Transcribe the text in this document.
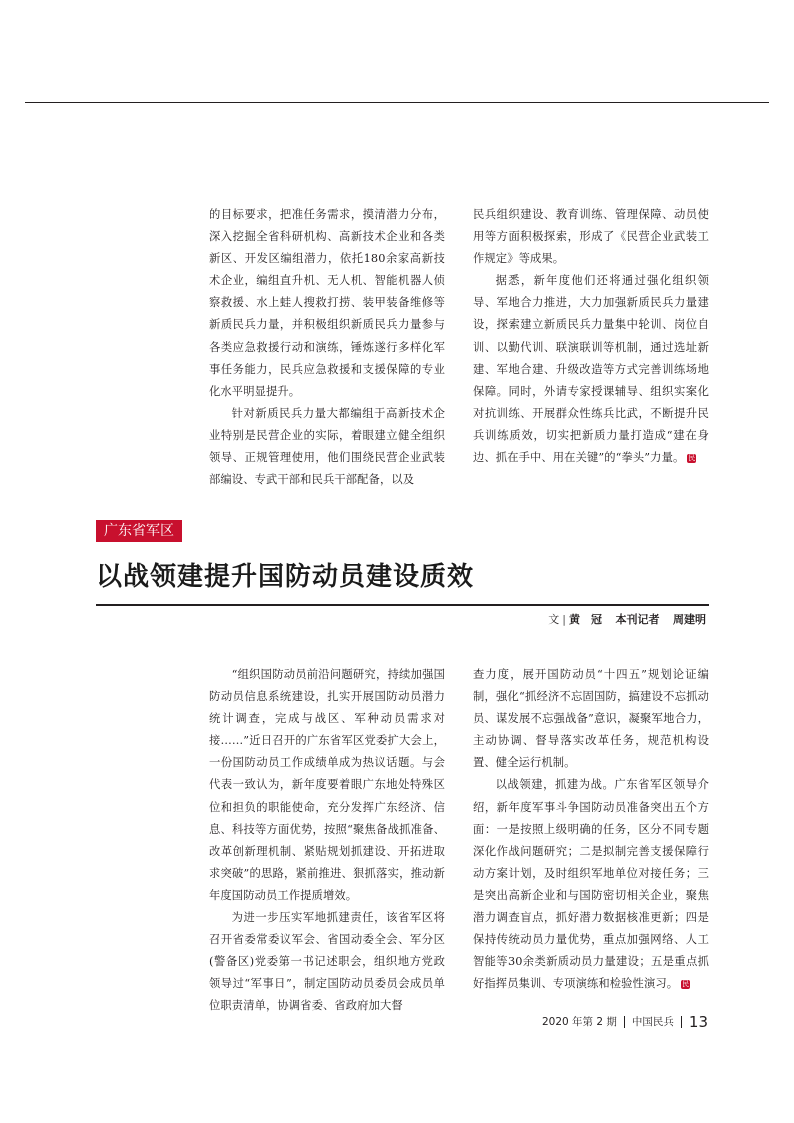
的目标要求，把准任务需求，摸清潜力分布，深入挖掘全省科研机构、高新技术企业和各类新区、开发区编组潜力，依托180余家高新技术企业，编组直升机、无人机、智能机器人侦察救援、水上蛙人搜救打捞、装甲装备维修等新质民兵力量，并积极组织新质民兵力量参与各类应急救援行动和演练，锤炼遂行多样化军事任务能力，民兵应急救援和支援保障的专业化水平明显提升。

针对新质民兵力量大都编组于高新技术企业特别是民营企业的实际，着眼建立健全组织领导、正规管理使用，他们围绕民营企业武装部编设、专武干部和民兵干部配备，以及

民兵组织建设、教育训练、管理保障、动员使用等方面积极探索，形成了《民营企业武装工作规定》等成果。

据悉，新年度他们还将通过强化组织领导、军地合力推进，大力加强新质民兵力量建设，探索建立新质民兵力量集中轮训、岗位自训、以勤代训、联演联训等机制，通过选址新建、军地合建、升级改造等方式完善训练场地保障。同时，外请专家授课辅导、组织实案化对抗训练、开展群众性练兵比武，不断提升民兵训练质效，切实把新质力量打造成“建在身边、抓在手中、用在关键”的“拳头”力量。 民

广东省军区
以战领建提升国防动员建设质效
文 | 黄　冠 本刊记者 周建明

“组织国防动员前沿问题研究，持续加强国防动员信息系统建设，扎实开展国防动员潜力统计调查，完成与战区、军种动员需求对接……”近日召开的广东省军区党委扩大会上，一份国防动员工作成绩单成为热议话题。与会代表一致认为，新年度要着眼广东地处特殊区位和担负的职能使命，充分发挥广东经济、信息、科技等方面优势，按照“聚焦备战抓准备、改革创新理机制、紧贴规划抓建设、开拓进取求突破”的思路，紧前推进、狠抓落实，推动新年度国防动员工作提质增效。

为进一步压实军地抓建责任，该省军区将召开省委常委议军会、省国动委全会、军分区(警备区)党委第一书记述职会，组织地方党政领导过“军事日”，制定国防动员委员会成员单位职责清单，协调省委、省政府加大督

查力度，展开国防动员“十四五”规划论证编制，强化“抓经济不忘固国防，搞建设不忘抓动员、谋发展不忘强战备”意识，凝聚军地合力，主动协调、督导落实改革任务，规范机构设置、健全运行机制。

以战领建，抓建为战。广东省军区领导介绍，新年度军事斗争国防动员准备突出五个方面：一是按照上级明确的任务，区分不同专题深化作战问题研究；二是拟制完善支援保障行动方案计划，及时组织军地单位对接任务；三是突出高新企业和与国防密切相关企业，聚焦潜力调查盲点，抓好潜力数据核准更新；四是保持传统动员力量优势，重点加强网络、人工智能等30余类新质动员力量建设；五是重点抓好指挥员集训、专项演练和检验性演习。 民

2020 年第 2 期 中国民兵 13
